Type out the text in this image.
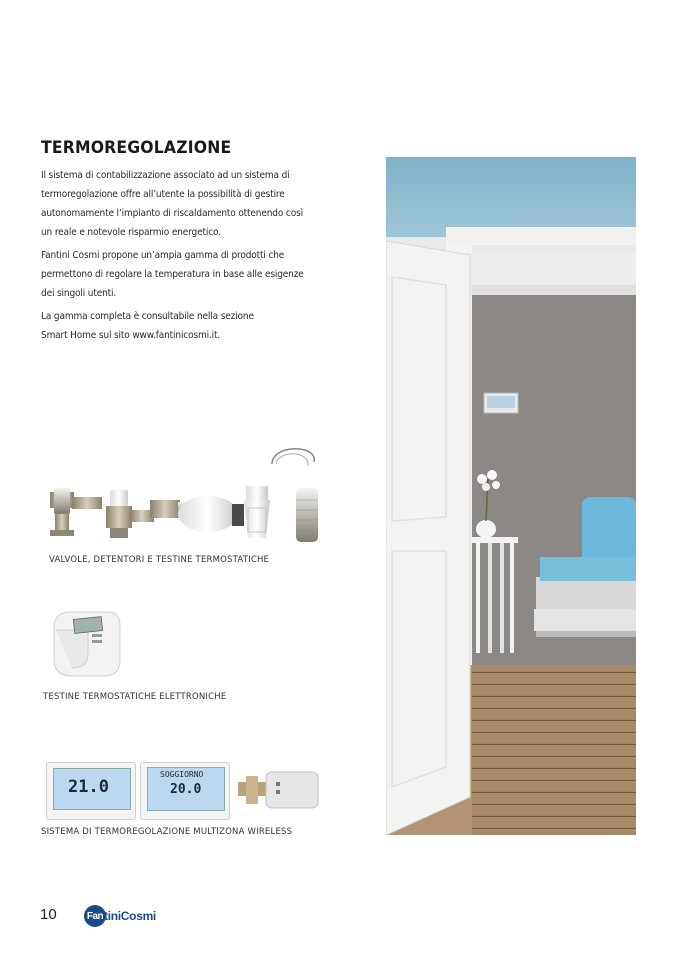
TERMOREGOLAZIONE
Il sistema di contabilizzazione associato ad un sistema di
termoregolazione offre all’utente la possibilità di gestire
autonomamente l’impianto di riscaldamento ottenendo così
un reale e notevole risparmio energetico.
Fantini Cosmi propone un’ampia gamma di prodotti che
permettono di regolare la temperatura in base alle esigenze
dei singoli utenti.
La gamma completa è consultabile nella sezione
Smart Home sul sito www.fantinicosmi.it.
VALVOLE, DETENTORI E TESTINE TERMOSTATICHE
TESTINE TERMOSTATICHE ELETTRONICHE
21.0
SOGGIORNO
20.0
SISTEMA DI TERMOREGOLAZIONE MULTIZONA WIRELESS
10	Fan tiniCosmi
